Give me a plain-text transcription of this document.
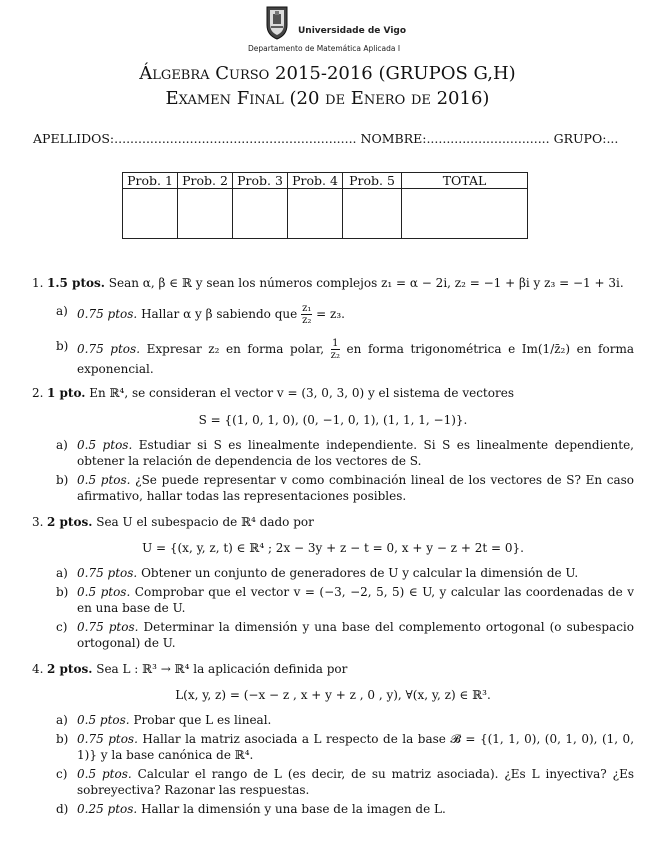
Universidade de Vigo
Departamento de Matemática Aplicada I
Álgebra Curso 2015-2016 (GRUPOS G,H)
Examen Final (20 de Enero de 2016)
APELLIDOS:............................................................. NOMBRE:............................... GRUPO:...
Prob. 1	Prob. 2	Prob. 3	Prob. 4	Prob. 5	TOTAL

1. 1.5 ptos. Sean α, β ∈ ℝ y sean los números complejos z₁ = α − 2i, z₂ = −1 + βi y z₃ = −1 + 3i.
a) 0.75 ptos. Hallar α y β sabiendo que $\frac{\text{z₁}}{\text{z₂}} = z_3$.
b) 0.75 ptos. Expresar z₂ en forma polar, $\frac{1}{\text{z₂}}$ en forma trigonométrica e Im(1/z̄₂) en forma exponencial.
2. 1 pto. En ℝ⁴, se consideran el vector v = (3, 0, 3, 0) y el sistema de vectores
S = {(1, 0, 1, 0), (0, −1, 0, 1), (1, 1, 1, −1)}.
a) 0.5 ptos. Estudiar si S es linealmente independiente. Si S es linealmente dependiente, obtener la relación de dependencia de los vectores de S.
b) 0.5 ptos. ¿Se puede representar v como combinación lineal de los vectores de S? En caso afirmativo, hallar todas las representaciones posibles.
3. 2 ptos. Sea U el subespacio de ℝ⁴ dado por
U = {(x, y, z, t) ∈ ℝ⁴ ; 2x − 3y + z − t = 0, x + y − z + 2t = 0}.
a) 0.75 ptos. Obtener un conjunto de generadores de U y calcular la dimensión de U.
b) 0.5 ptos. Comprobar que el vector v = (−3, −2, 5, 5) ∈ U, y calcular las coordenadas de v en una base de U.
c) 0.75 ptos. Determinar la dimensión y una base del complemento ortogonal (o subespacio ortogonal) de U.
4. 2 ptos. Sea L : ℝ³ → ℝ⁴ la aplicación definida por
L(x, y, z) = (−x − z , x + y + z , 0 , y), ∀(x, y, z) ∈ ℝ³.
a) 0.5 ptos. Probar que L es lineal.
b) 0.75 ptos. Hallar la matriz asociada a L respecto de la base 𝓑 = {(1, 1, 0), (0, 1, 0), (1, 0, 1)} y la base canónica de ℝ⁴.
c) 0.5 ptos. Calcular el rango de L (es decir, de su matriz asociada). ¿Es L inyectiva? ¿Es sobreyectiva? Razonar las respuestas.
d) 0.25 ptos. Hallar la dimensión y una base de la imagen de L.
